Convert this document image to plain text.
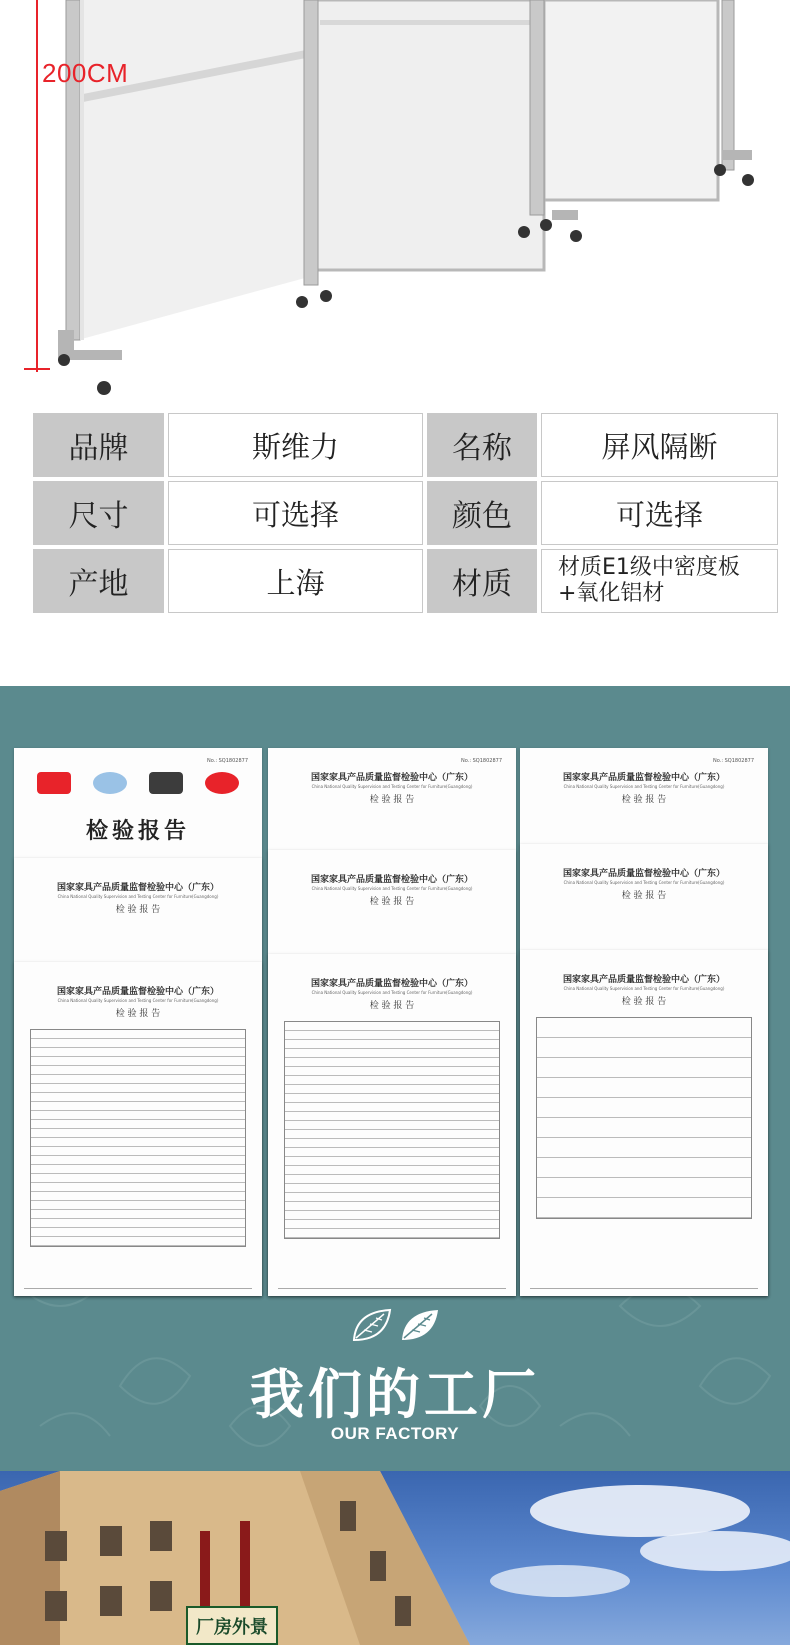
200CM
品牌	斯维力	名称	屏风隔断
尺寸	可选择	颜色	可选择
产地	上海	材质	材质E1级中密度板+氧化铝材
No.: SQ1802877
检验报告
国家家具产品质量监督检验中心（广东）
China National Quality Supervision and Testing Center for Furniture(Guangdong)
检 验 报 告
国家家具产品质量监督检验中心（广东）
China National Quality Supervision and Testing Center for Furniture(Guangdong)
检 验 报 告
No.: SQ1802877
国家家具产品质量监督检验中心（广东）
China National Quality Supervision and Testing Center for Furniture(Guangdong)
检 验 报 告
国家家具产品质量监督检验中心（广东）
China National Quality Supervision and Testing Center for Furniture(Guangdong)
检 验 报 告
国家家具产品质量监督检验中心（广东）
China National Quality Supervision and Testing Center for Furniture(Guangdong)
检 验 报 告
No.: SQ1802877
国家家具产品质量监督检验中心（广东）
China National Quality Supervision and Testing Center for Furniture(Guangdong)
检 验 报 告
国家家具产品质量监督检验中心（广东）
China National Quality Supervision and Testing Center for Furniture(Guangdong)
检 验 报 告
国家家具产品质量监督检验中心（广东）
China National Quality Supervision and Testing Center for Furniture(Guangdong)
检 验 报 告
我们的工厂
OUR FACTORY
厂房外景
